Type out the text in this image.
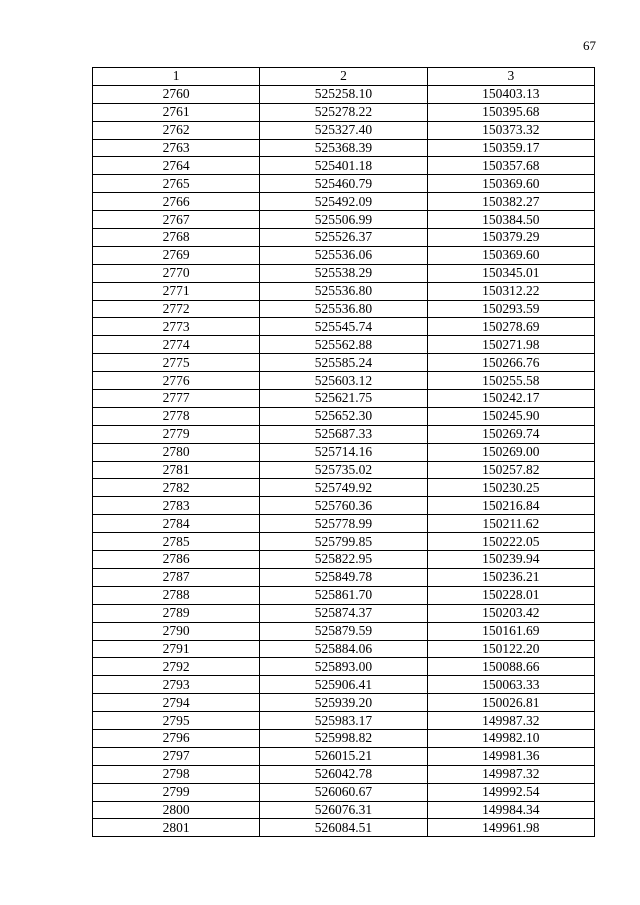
67
1	2	3
2760	525258.10	150403.13
2761	525278.22	150395.68
2762	525327.40	150373.32
2763	525368.39	150359.17
2764	525401.18	150357.68
2765	525460.79	150369.60
2766	525492.09	150382.27
2767	525506.99	150384.50
2768	525526.37	150379.29
2769	525536.06	150369.60
2770	525538.29	150345.01
2771	525536.80	150312.22
2772	525536.80	150293.59
2773	525545.74	150278.69
2774	525562.88	150271.98
2775	525585.24	150266.76
2776	525603.12	150255.58
2777	525621.75	150242.17
2778	525652.30	150245.90
2779	525687.33	150269.74
2780	525714.16	150269.00
2781	525735.02	150257.82
2782	525749.92	150230.25
2783	525760.36	150216.84
2784	525778.99	150211.62
2785	525799.85	150222.05
2786	525822.95	150239.94
2787	525849.78	150236.21
2788	525861.70	150228.01
2789	525874.37	150203.42
2790	525879.59	150161.69
2791	525884.06	150122.20
2792	525893.00	150088.66
2793	525906.41	150063.33
2794	525939.20	150026.81
2795	525983.17	149987.32
2796	525998.82	149982.10
2797	526015.21	149981.36
2798	526042.78	149987.32
2799	526060.67	149992.54
2800	526076.31	149984.34
2801	526084.51	149961.98
